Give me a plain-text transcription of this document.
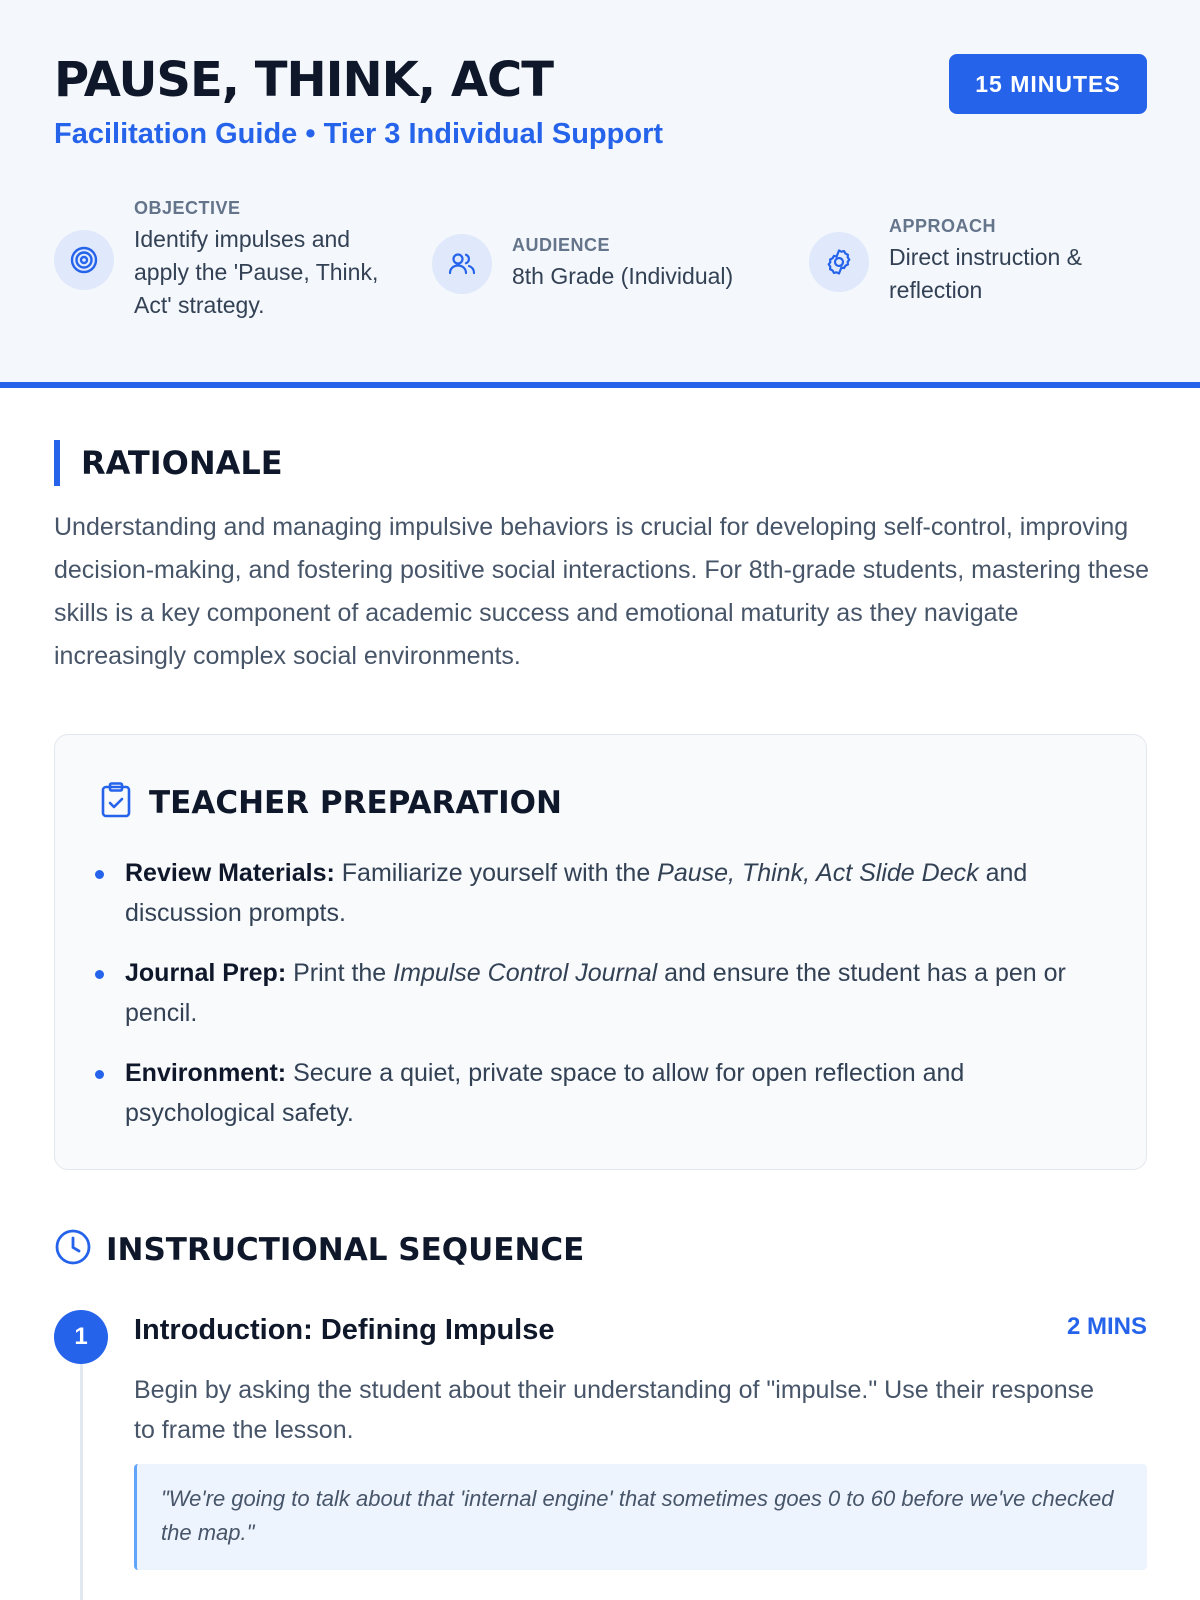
PAUSE, THINK, ACT
Facilitation Guide • Tier 3 Individual Support
15 MINUTES
OBJECTIVE
Identify impulses and apply the 'Pause, Think, Act' strategy.
AUDIENCE
8th Grade (Individual)
APPROACH
Direct instruction & reflection
RATIONALE
Understanding and managing impulsive behaviors is crucial for developing self-control, improving decision-making, and fostering positive social interactions. For 8th-grade students, mastering these skills is a key component of academic success and emotional maturity as they navigate increasingly complex social environments.
TEACHER PREPARATION
Review Materials: Familiarize yourself with the Pause, Think, Act Slide Deck and discussion prompts.
Journal Prep: Print the Impulse Control Journal and ensure the student has a pen or pencil.
Environment: Secure a quiet, private space to allow for open reflection and psychological safety.
INSTRUCTIONAL SEQUENCE
1	Introduction: Defining Impulse	2 MINS
Begin by asking the student about their understanding of "impulse." Use their response to frame the lesson.
"We're going to talk about that 'internal engine' that sometimes goes 0 to 60 before we've checked the map."
